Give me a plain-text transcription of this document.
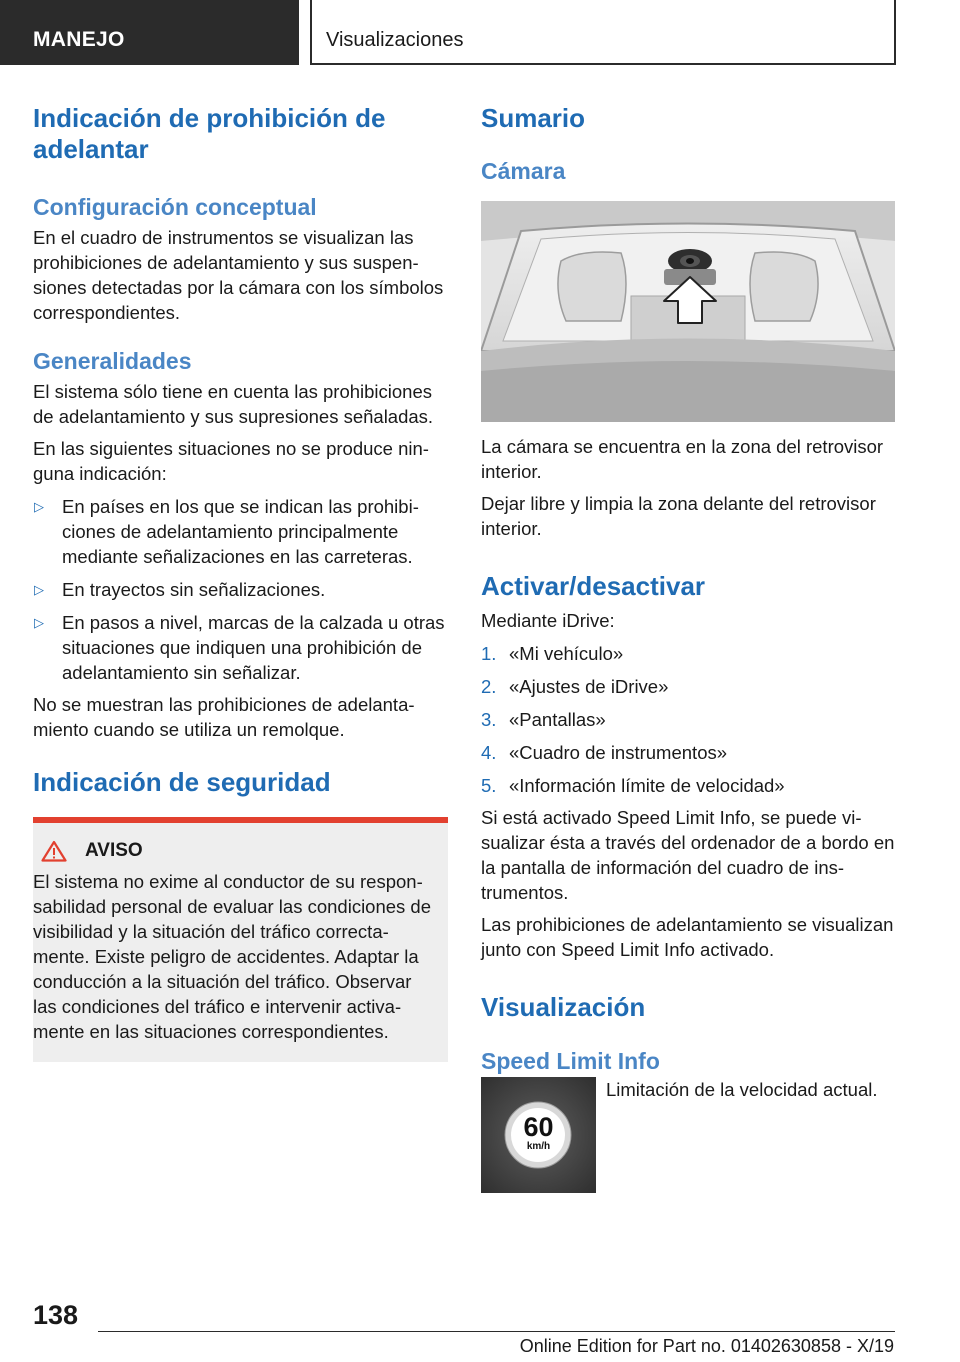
MANEJO	Visualizaciones
Indicación de prohibición de adelantar
Configuración conceptual
En el cuadro de instrumentos se visualizan las prohibiciones de adelantamiento y sus suspensiones detectadas por la cámara con los símbolos correspondientes.
Generalidades
El sistema sólo tiene en cuenta las prohibiciones de adelantamiento y sus supresiones señaladas.
En las siguientes situaciones no se produce ninguna indicación:
▷ En países en los que se indican las prohibiciones de adelantamiento principalmente mediante señalizaciones en las carreteras.
▷ En trayectos sin señalizaciones.
▷ En pasos a nivel, marcas de la calzada u otras situaciones que indiquen una prohibición de adelantamiento sin señalizar.
No se muestran las prohibiciones de adelantamiento cuando se utiliza un remolque.
Indicación de seguridad
AVISO
El sistema no exime al conductor de su responsabilidad personal de evaluar las condiciones de visibilidad y la situación del tráfico correctamente. Existe peligro de accidentes. Adaptar la conducción a la situación del tráfico. Observar las condiciones del tráfico e intervenir activamente en las situaciones correspondientes.
Sumario
Cámara
La cámara se encuentra en la zona del retrovisor interior.
Dejar libre y limpia la zona delante del retrovisor interior.
Activar/desactivar
Mediante iDrive:
1. «Mi vehículo»
2. «Ajustes de iDrive»
3. «Pantallas»
4. «Cuadro de instrumentos»
5. «Información límite de velocidad»
Si está activado Speed Limit Info, se puede visualizar ésta a través del ordenador de a bordo en la pantalla de información del cuadro de instrumentos.
Las prohibiciones de adelantamiento se visualizan junto con Speed Limit Info activado.
Visualización
Speed Limit Info
60
km/h
Limitación de la velocidad actual.
138
Online Edition for Part no. 01402630858 - X/19
